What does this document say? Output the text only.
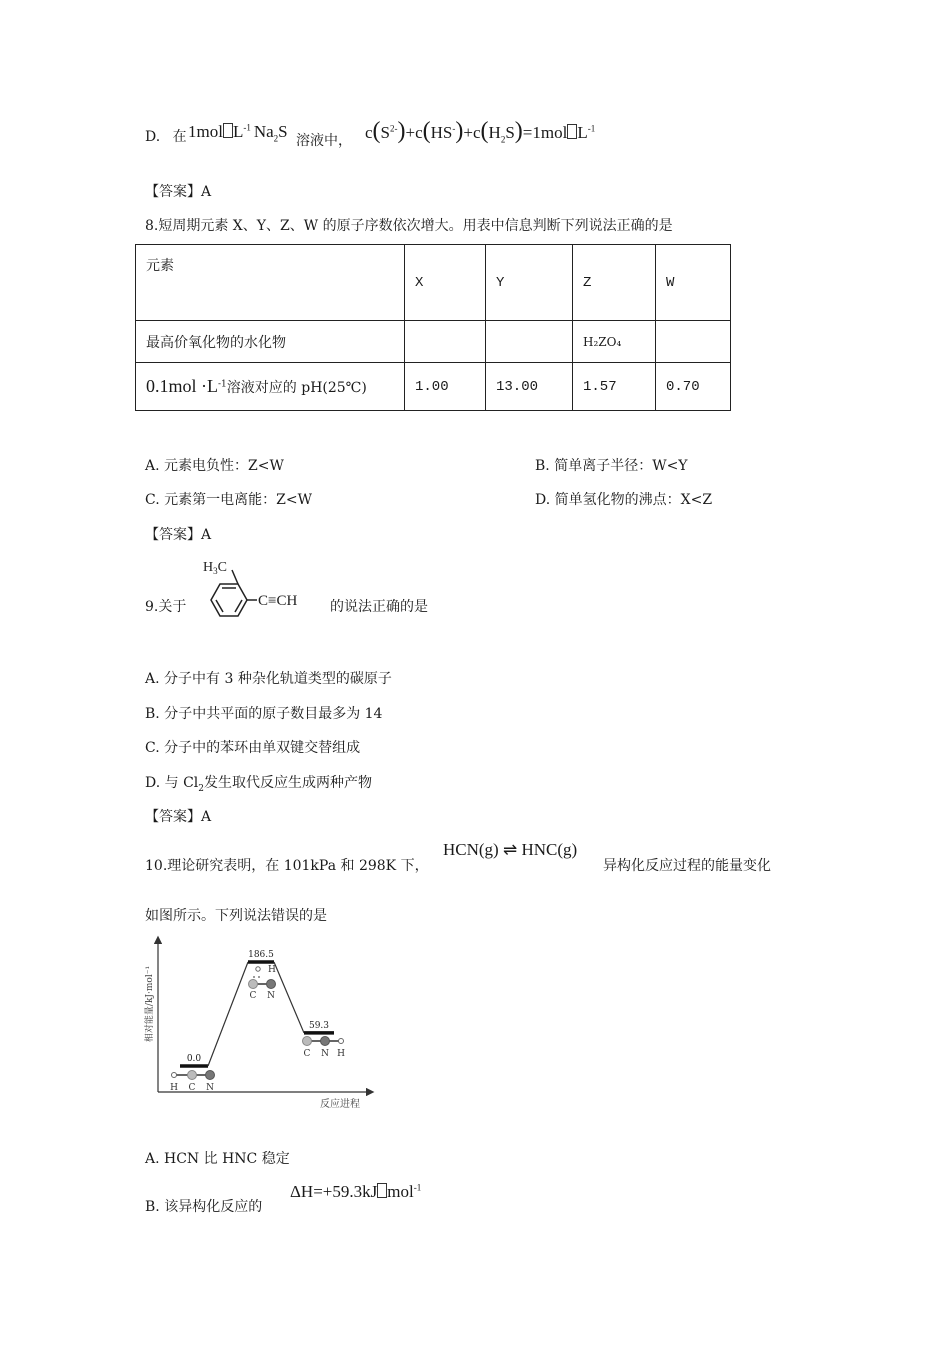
D. 在 1mol $L^{-1}$ $Na_2S$ 溶液中， $c(S^{2-})+c(HS^-)+c(H_2S)=1mol$ $L^{-1}$
【答案】A
8.短周期元素 X、Y、Z、W 的原子序数依次增大。用表中信息判断下列说法正确的是
元素	X	Y	Z	W
最高价氧化物的水化物			H₂ZO₄	
$0.1mol \cdot L^{-1}$溶液对应的 pH(25℃)	1.00	13.00	1.57	0.70
A. 元素电负性：Z<W	B. 简单离子半径：W<Y
C. 元素第一电离能：Z<W	D. 简单氢化物的沸点：X<Z
【答案】A
9.关于
$H_3C$
C≡CH 的说法正确的是
A. 分子中有 3 种杂化轨道类型的碳原子
B. 分子中共平面的原子数目最多为 14
C. 分子中的苯环由单双键交替组成
D. 与 $Cl_2$发生取代反应生成两种产物
【答案】A
10.理论研究表明，在 101kPa 和 298K 下，
HCN(g) ⇌ HNC(g)
异构化反应过程的能量变化
如图所示。下列说法错误的是
相对能量/kJ·mol⁻¹
反应进程
0.0
186.5
59.3
H C N
H
C N
C N H
A. HCN 比 HNC 稳定
B. 该异构化反应的
ΔH=+59.3kJ mol$^{-1}$
